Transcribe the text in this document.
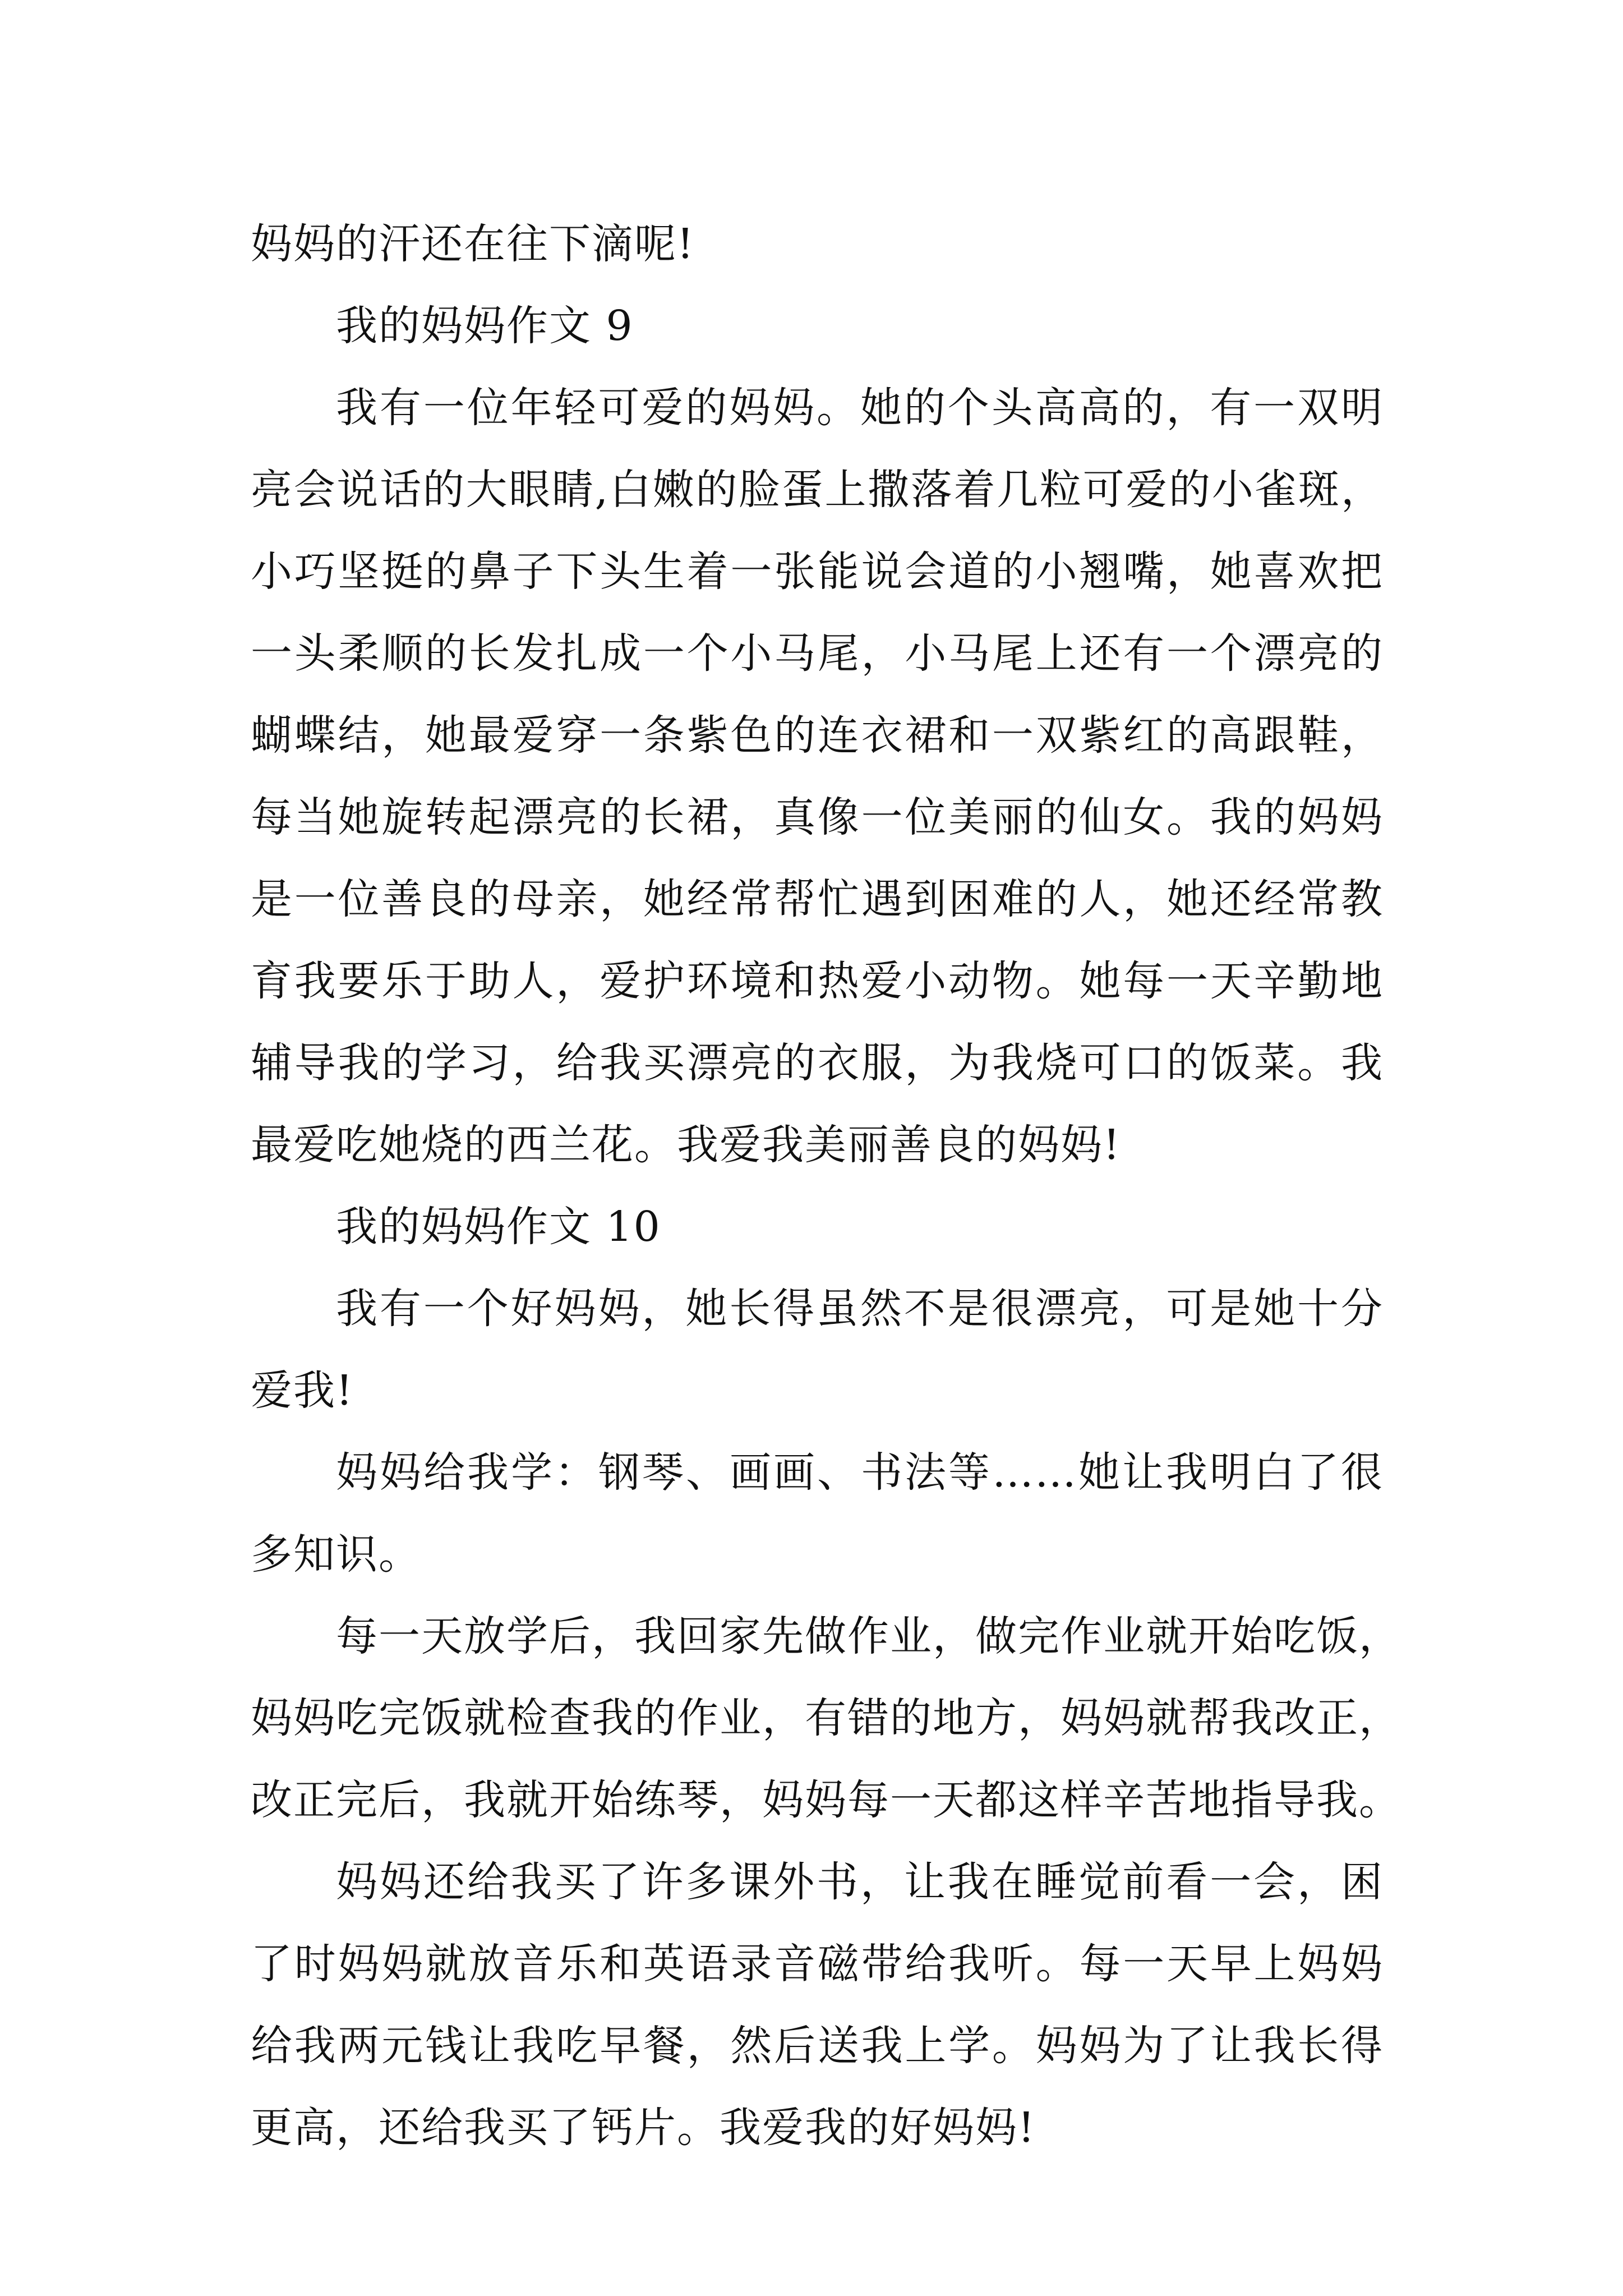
妈妈的汗还在往下滴呢!
我的妈妈作文 9
我有一位年轻可爱的妈妈。她的个头高高的，有一双明
亮会说话的大眼睛,白嫩的脸蛋上撒落着几粒可爱的小雀斑，
小巧坚挺的鼻子下头生着一张能说会道的小翘嘴，她喜欢把
一头柔顺的长发扎成一个小马尾，小马尾上还有一个漂亮的
蝴蝶结，她最爱穿一条紫色的连衣裙和一双紫红的高跟鞋，
每当她旋转起漂亮的长裙，真像一位美丽的仙女。我的妈妈
是一位善良的母亲，她经常帮忙遇到困难的人，她还经常教
育我要乐于助人，爱护环境和热爱小动物。她每一天辛勤地
辅导我的学习，给我买漂亮的衣服，为我烧可口的饭菜。我
最爱吃她烧的西兰花。我爱我美丽善良的妈妈!
我的妈妈作文 10
我有一个好妈妈，她长得虽然不是很漂亮，可是她十分
爱我!
妈妈给我学：钢琴、画画、书法等……她让我明白了很
多知识。
每一天放学后，我回家先做作业，做完作业就开始吃饭，
妈妈吃完饭就检查我的作业，有错的地方，妈妈就帮我改正，
改正完后，我就开始练琴，妈妈每一天都这样辛苦地指导我。
妈妈还给我买了许多课外书，让我在睡觉前看一会，困
了时妈妈就放音乐和英语录音磁带给我听。每一天早上妈妈
给我两元钱让我吃早餐，然后送我上学。妈妈为了让我长得
更高，还给我买了钙片。我爱我的好妈妈!
